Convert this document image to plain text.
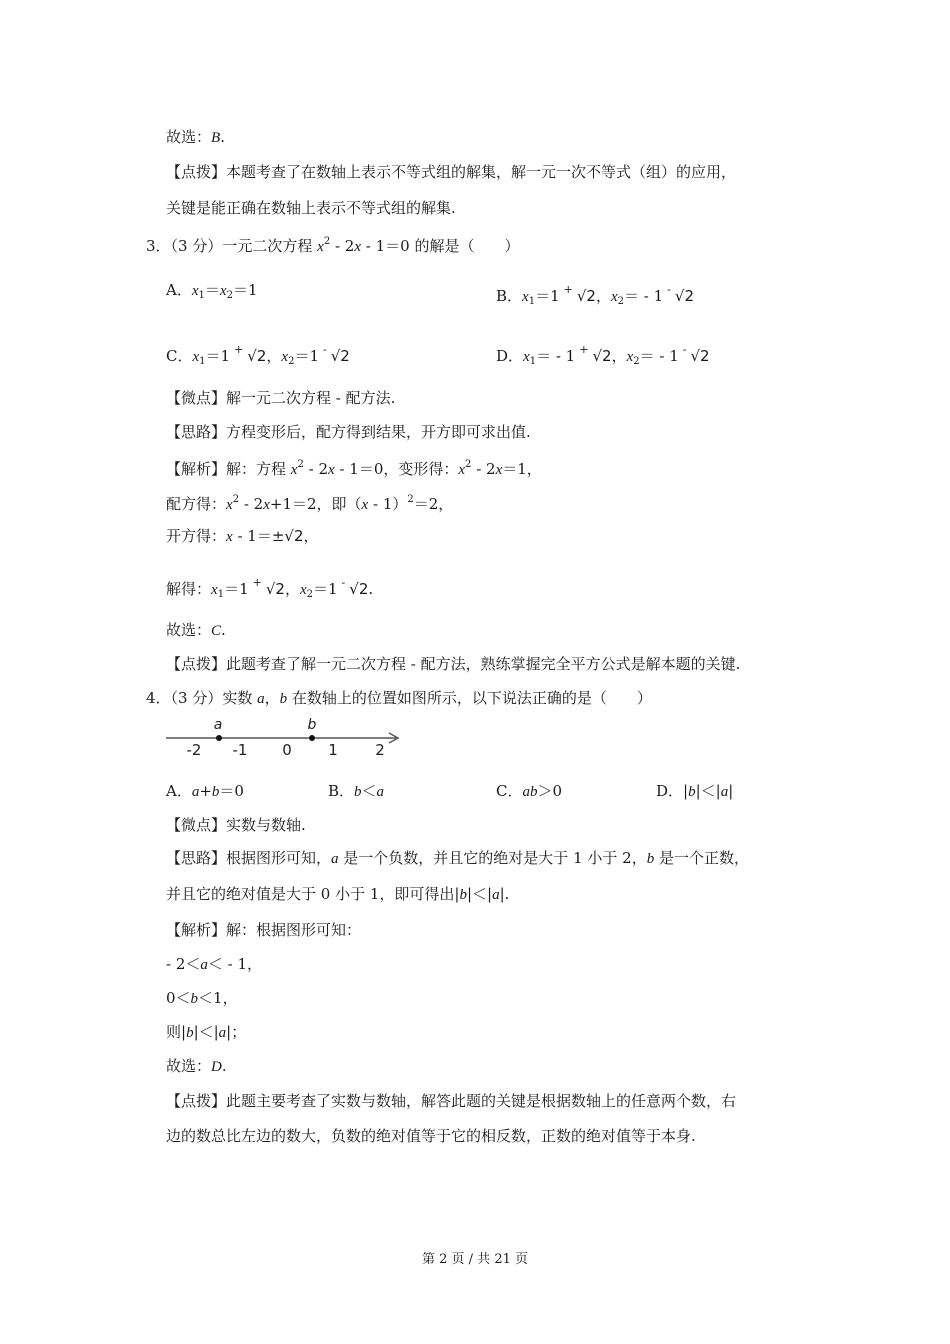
故选：B.
【点拨】本题考查了在数轴上表示不等式组的解集，解一元一次不等式（组）的应用，
关键是能正确在数轴上表示不等式组的解集.
3．（3 分）一元二次方程 $x^2 - 2x - 1=0$ 的解是（　　）
A．$x_1=x_2=1$	B．$x_1=1$ + √2，$x_2= - 1$ - √2
C．$x_1=1$ + √2，$x_2=1$ - √2	D．$x_1= - 1$ + √2，$x_2= - 1$ - √2
【微点】解一元二次方程 - 配方法.
【思路】方程变形后，配方得到结果，开方即可求出值.
【解析】解：方程 $x^2 - 2x - 1=0$，变形得：$x^2 - 2x=1$，
配方得：$x^2 - 2x+1=2$，即（x - 1）$^2$＝2，
开方得：x - 1＝±√2，
解得：$x_1=1$ + √2，$x_2=1$ - √2.
故选：C.
【点拨】此题考查了解一元二次方程 - 配方法，熟练掌握完全平方公式是解本题的关键.
4．（3 分）实数 a，b 在数轴上的位置如图所示，以下说法正确的是（　　）
-2 -1 0 1 2
a	b
A．a+b＝0	B．b＜a	C．ab＞0	D．|b|＜|a|
【微点】实数与数轴.
【思路】根据图形可知，a 是一个负数，并且它的绝对是大于 1 小于 2，b 是一个正数，
并且它的绝对值是大于 0 小于 1，即可得出|b|＜|a|.
【解析】解：根据图形可知：
- 2＜a＜ - 1，
0＜b＜1，
则|b|＜|a|；
故选：D.
【点拨】此题主要考查了实数与数轴，解答此题的关键是根据数轴上的任意两个数，右
边的数总比左边的数大，负数的绝对值等于它的相反数，正数的绝对值等于本身.
第 2 页 / 共 21 页
